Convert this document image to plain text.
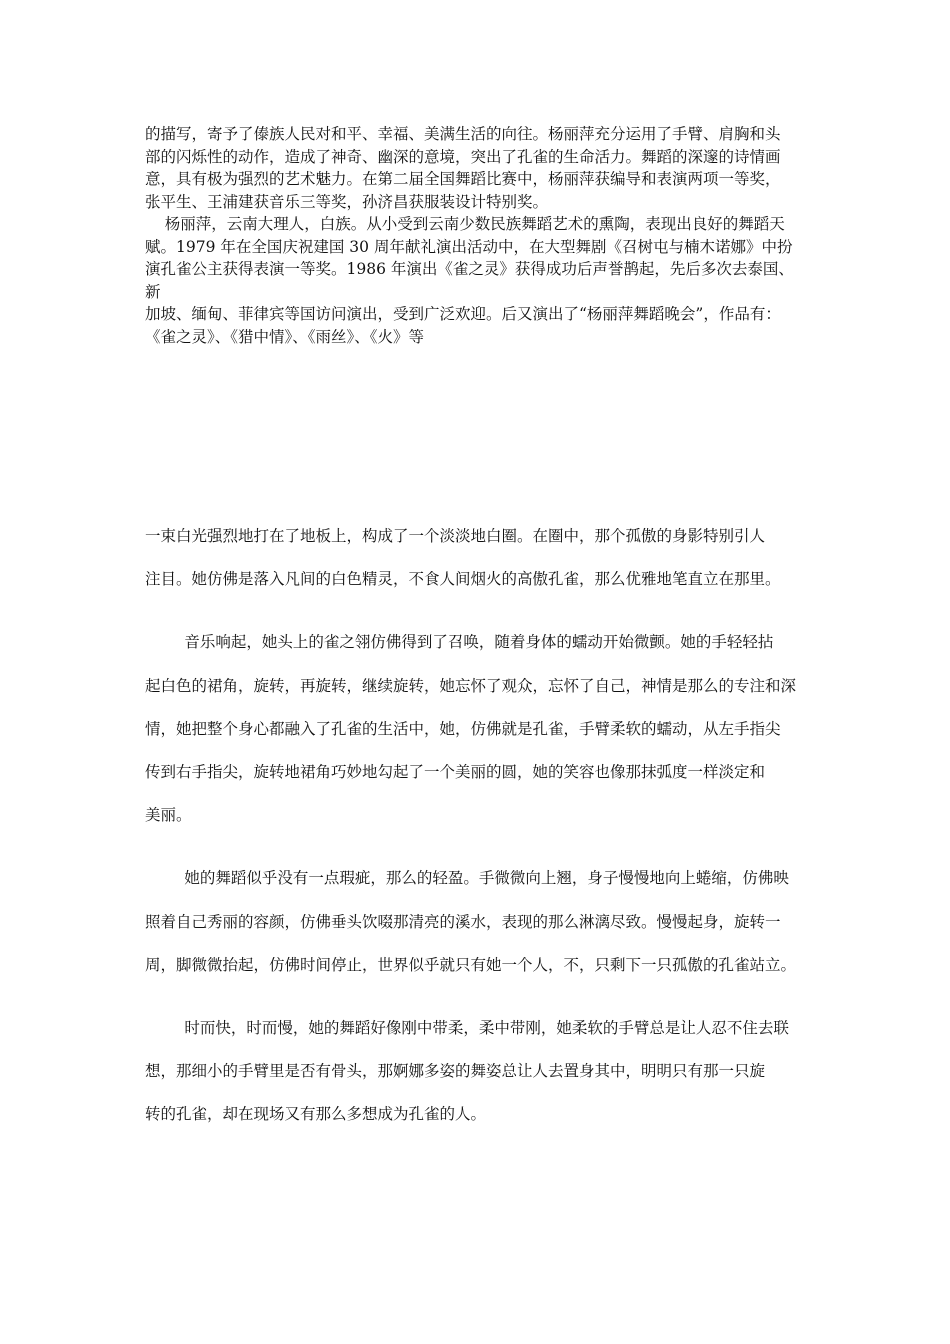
的描写，寄予了傣族人民对和平、幸福、美满生活的向往。杨丽萍充分运用了手臂、肩胸和头
部的闪烁性的动作，造成了神奇、幽深的意境，突出了孔雀的生命活力。舞蹈的深邃的诗情画
意，具有极为强烈的艺术魅力。在第二届全国舞蹈比赛中，杨丽萍获编导和表演两项一等奖，
张平生、王浦建获音乐三等奖，孙济昌获服装设计特别奖。
杨丽萍，云南大理人，白族。从小受到云南少数民族舞蹈艺术的熏陶，表现出良好的舞蹈天
赋。1979 年在全国庆祝建国 30 周年献礼演出活动中，在大型舞剧《召树屯与楠木诺娜》中扮
演孔雀公主获得表演一等奖。1986 年演出《雀之灵》获得成功后声誉鹊起，先后多次去泰国、
新
加坡、缅甸、菲律宾等国访问演出，受到广泛欢迎。后又演出了“杨丽萍舞蹈晚会”，作品有：
《雀之灵》、《猎中情》、《雨丝》、《火》等
一束白光强烈地打在了地板上，构成了一个淡淡地白圈。在圈中，那个孤傲的身影特别引人
注目。她仿佛是落入凡间的白色精灵，不食人间烟火的高傲孔雀，那么优雅地笔直立在那里。
音乐响起，她头上的雀之翎仿佛得到了召唤，随着身体的蠕动开始微颤。她的手轻轻拈
起白色的裙角，旋转，再旋转，继续旋转，她忘怀了观众，忘怀了自己，神情是那么的专注和深
情，她把整个身心都融入了孔雀的生活中，她，仿佛就是孔雀，手臂柔软的蠕动，从左手指尖
传到右手指尖，旋转地裙角巧妙地勾起了一个美丽的圆，她的笑容也像那抹弧度一样淡定和
美丽。
她的舞蹈似乎没有一点瑕疵，那么的轻盈。手微微向上翘，身子慢慢地向上蜷缩，仿佛映
照着自己秀丽的容颜，仿佛垂头饮啜那清亮的溪水，表现的那么淋漓尽致。慢慢起身，旋转一
周，脚微微抬起，仿佛时间停止，世界似乎就只有她一个人，不，只剩下一只孤傲的孔雀站立。
时而快，时而慢，她的舞蹈好像刚中带柔，柔中带刚，她柔软的手臂总是让人忍不住去联
想，那细小的手臂里是否有骨头，那婀娜多姿的舞姿总让人去置身其中，明明只有那一只旋
转的孔雀，却在现场又有那么多想成为孔雀的人。
